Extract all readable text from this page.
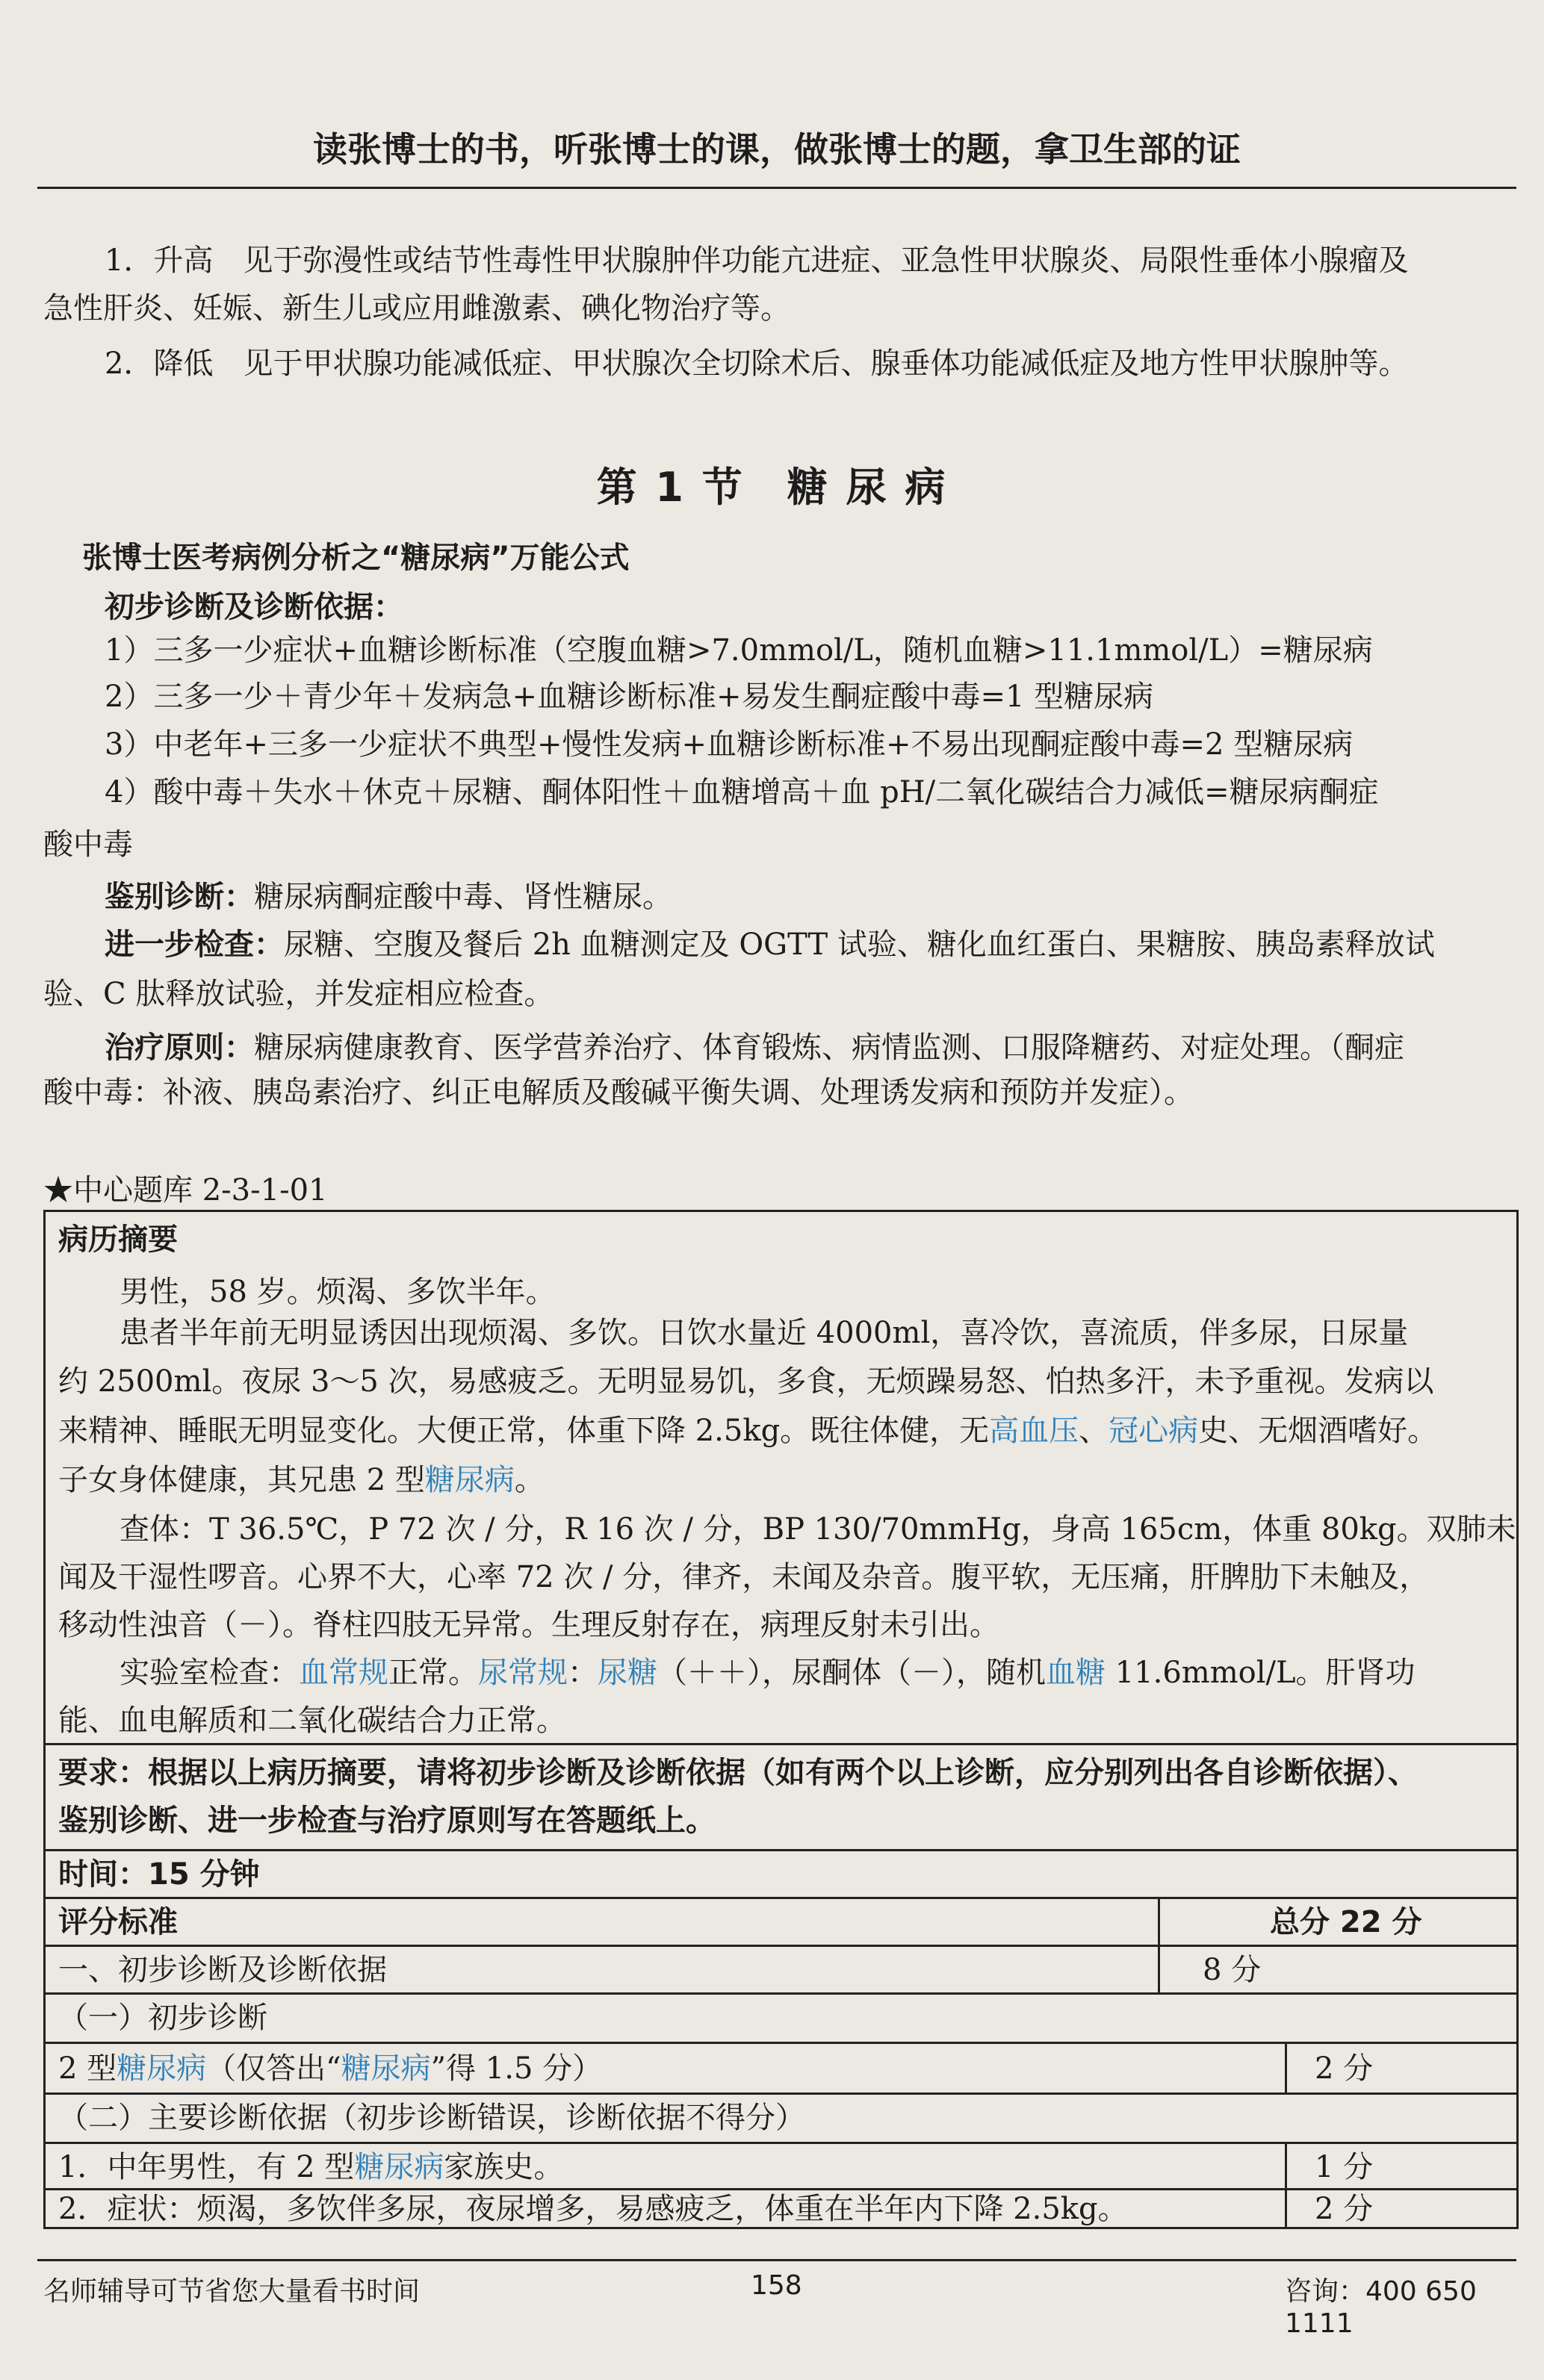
读张博士的书，听张博士的课，做张博士的题，拿卫生部的证
1．升高　见于弥漫性或结节性毒性甲状腺肿伴功能亢进症、亚急性甲状腺炎、局限性垂体小腺瘤及
急性肝炎、妊娠、新生儿或应用雌激素、碘化物治疗等。
2．降低　见于甲状腺功能减低症、甲状腺次全切除术后、腺垂体功能减低症及地方性甲状腺肿等。
第 1 节　糖 尿 病
张博士医考病例分析之“糖尿病”万能公式
初步诊断及诊断依据：
1）三多一少症状+血糖诊断标准（空腹血糖>7.0mmol/L，随机血糖>11.1mmol/L）=糖尿病
2）三多一少＋青少年＋发病急+血糖诊断标准+易发生酮症酸中毒=1 型糖尿病
3）中老年+三多一少症状不典型+慢性发病+血糖诊断标准+不易出现酮症酸中毒=2 型糖尿病
4）酸中毒＋失水＋休克＋尿糖、酮体阳性＋血糖增高＋血 pH/二氧化碳结合力减低=糖尿病酮症
酸中毒
鉴别诊断：糖尿病酮症酸中毒、肾性糖尿。
进一步检查：尿糖、空腹及餐后 2h 血糖测定及 OGTT 试验、糖化血红蛋白、果糖胺、胰岛素释放试
验、C 肽释放试验，并发症相应检查。
治疗原则：糖尿病健康教育、医学营养治疗、体育锻炼、病情监测、口服降糖药、对症处理。（酮症
酸中毒：补液、胰岛素治疗、纠正电解质及酸碱平衡失调、处理诱发病和预防并发症）。
★中心题库 2-3-1-01
病历摘要
男性，58 岁。烦渴、多饮半年。
患者半年前无明显诱因出现烦渴、多饮。日饮水量近 4000ml，喜冷饮，喜流质，伴多尿，日尿量
约 2500ml。夜尿 3～5 次，易感疲乏。无明显易饥，多食，无烦躁易怒、怕热多汗，未予重视。发病以
来精神、睡眠无明显变化。大便正常，体重下降 2.5kg。既往体健，无高血压、冠心病史、无烟酒嗜好。
子女身体健康，其兄患 2 型糖尿病。
查体：T 36.5℃，P 72 次 / 分，R 16 次 / 分，BP 130/70mmHg，身高 165cm，体重 80kg。双肺未
闻及干湿性啰音。心界不大，心率 72 次 / 分，律齐，未闻及杂音。腹平软，无压痛，肝脾肋下未触及，
移动性浊音（－）。脊柱四肢无异常。生理反射存在，病理反射未引出。
实验室检查：血常规正常。尿常规：尿糖（＋＋），尿酮体（－），随机血糖 11.6mmol/L。肝肾功
能、血电解质和二氧化碳结合力正常。
要求：根据以上病历摘要，请将初步诊断及诊断依据（如有两个以上诊断，应分别列出各自诊断依据）、
鉴别诊断、进一步检查与治疗原则写在答题纸上。
时间：15 分钟
评分标准	总分 22 分
一、初步诊断及诊断依据	8 分
（一）初步诊断
2 型糖尿病（仅答出“糖尿病”得 1.5 分）	2 分
（二）主要诊断依据（初步诊断错误，诊断依据不得分）
1．中年男性，有 2 型糖尿病家族史。	1 分
2．症状：烦渴，多饮伴多尿，夜尿增多，易感疲乏，体重在半年内下降 2.5kg。	2 分
名师辅导可节省您大量看书时间	158	咨询：400 650 1111
